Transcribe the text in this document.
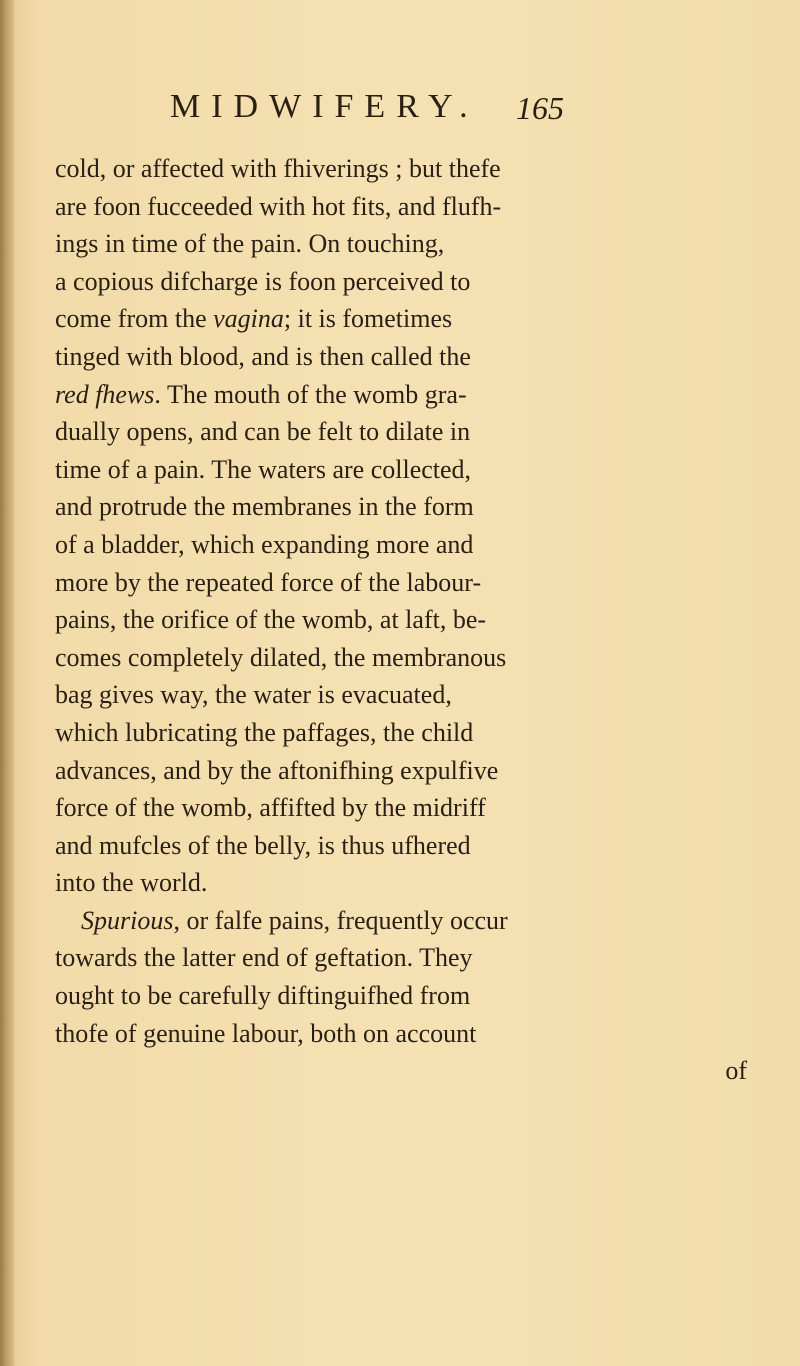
MIDWIFERY. 165
cold, or affected with fhiverings ; but thefe
are foon fucceeded with hot fits, and flufh-
ings in time of the pain. On touching,
a copious difcharge is foon perceived to
come from the vagina; it is fometimes
tinged with blood, and is then called the
red fhews. The mouth of the womb gra-
dually opens, and can be felt to dilate in
time of a pain. The waters are collected,
and protrude the membranes in the form
of a bladder, which expanding more and
more by the repeated force of the labour-
pains, the orifice of the womb, at laft, be-
comes completely dilated, the membranous
bag gives way, the water is evacuated,
which lubricating the paffages, the child
advances, and by the aftonifhing expulfive
force of the womb, affifted by the midriff
and mufcles of the belly, is thus ufhered
into the world.
Spurious, or falfe pains, frequently occur
towards the latter end of geftation. They
ought to be carefully diftinguifhed from
thofe of genuine labour, both on account
of
